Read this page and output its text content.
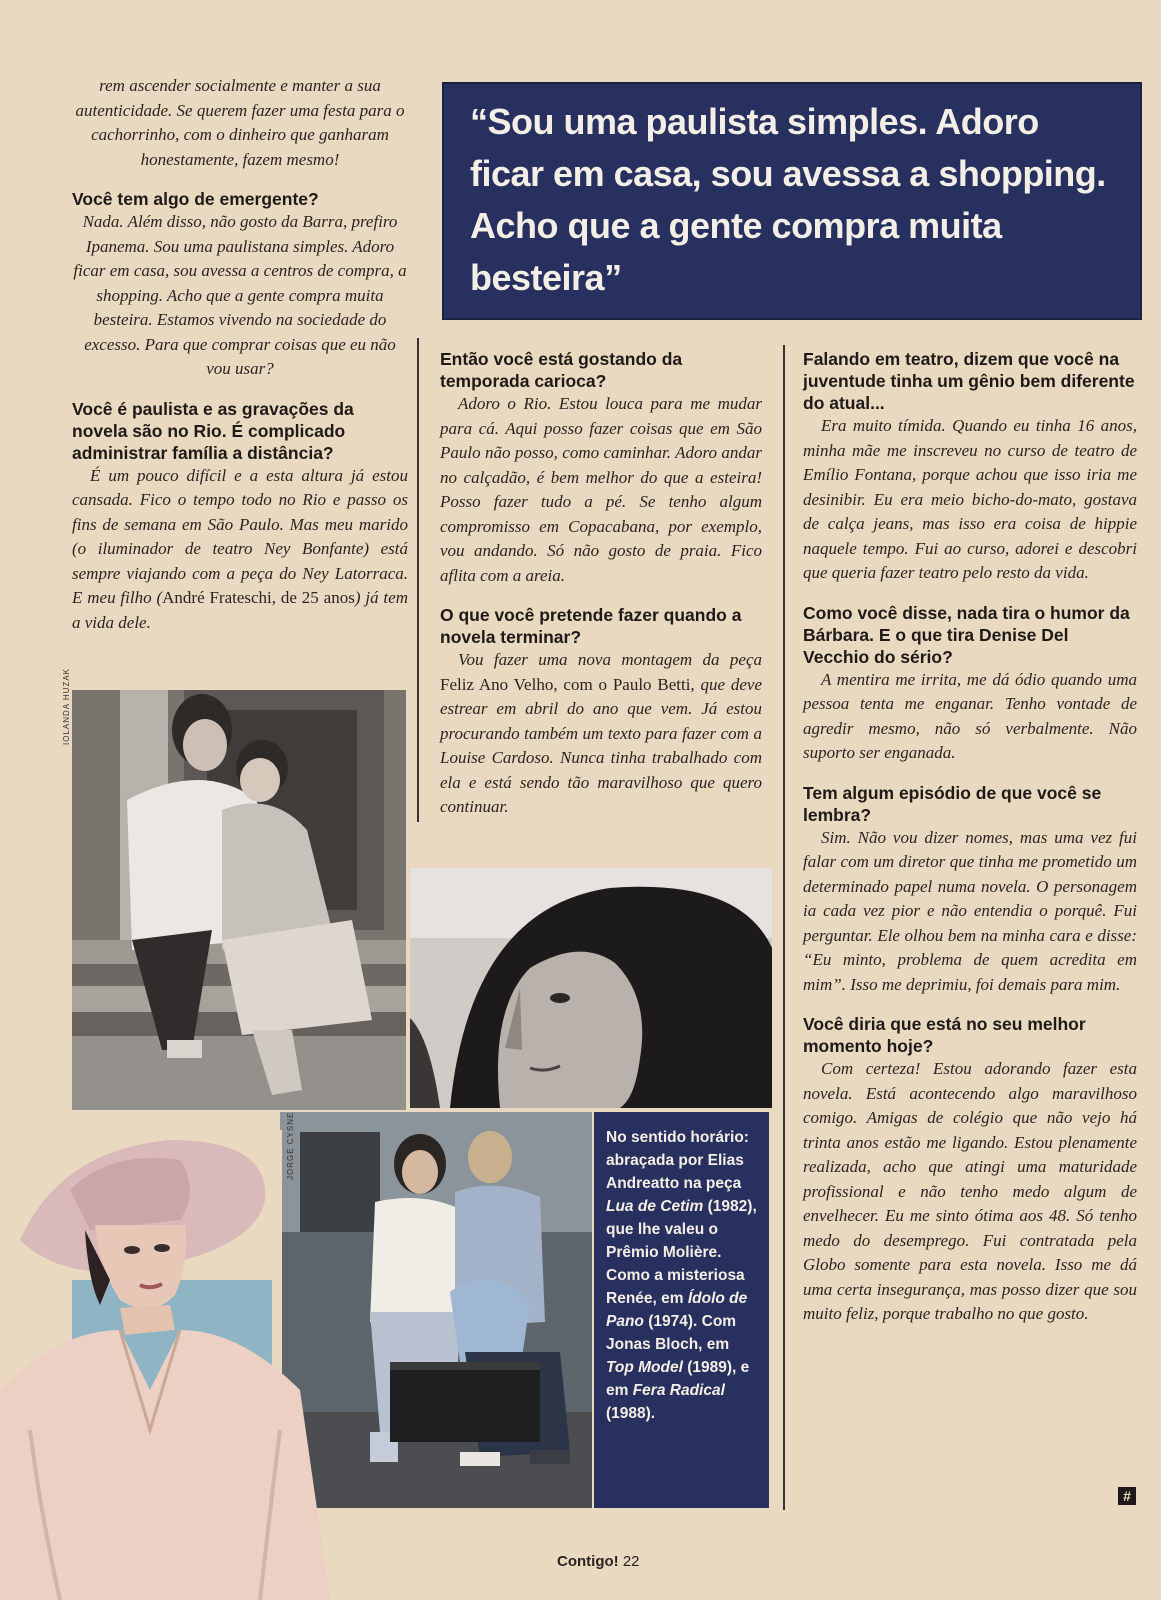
rem ascender socialmente e manter a sua autenticidade. Se querem fazer uma festa para o cachorrinho, com o dinheiro que ganharam honestamente, fazem mesmo!

Você tem algo de emergente?

Nada. Além disso, não gosto da Barra, prefiro Ipanema. Sou uma paulistana simples. Adoro ficar em casa, sou avessa a centros de compra, a shopping. Acho que a gente compra muita besteira. Estamos vivendo na sociedade do excesso. Para que comprar coisas que eu não vou usar?

Você é paulista e as gravações da novela são no Rio. É complicado administrar família a distância?

É um pouco difícil e a esta altura já estou cansada. Fico o tempo todo no Rio e passo os fins de semana em São Paulo. Mas meu marido (o iluminador de teatro Ney Bonfante) está sempre viajando com a peça do Ney Latorraca. E meu filho (André Frateschi, de 25 anos) já tem a vida dele.

“Sou uma paulista simples. Adoro ficar em casa, sou avessa a shopping. Acho que a gente compra muita besteira”

Então você está gostando da temporada carioca?

Adoro o Rio. Estou louca para me mudar para cá. Aqui posso fazer coisas que em São Paulo não posso, como caminhar. Adoro andar no calçadão, é bem melhor do que a esteira! Posso fazer tudo a pé. Se tenho algum compromisso em Copacabana, por exemplo, vou andando. Só não gosto de praia. Fico aflita com a areia.

O que você pretende fazer quando a novela terminar?

Vou fazer uma nova montagem da peça Feliz Ano Velho, com o Paulo Betti, que deve estrear em abril do ano que vem. Já estou procurando também um texto para fazer com a Louise Cardoso. Nunca tinha trabalhado com ela e está sendo tão maravilhoso que quero continuar.

Falando em teatro, dizem que você na juventude tinha um gênio bem diferente do atual...

Era muito tímida. Quando eu tinha 16 anos, minha mãe me inscreveu no curso de teatro de Emílio Fontana, porque achou que isso iria me desinibir. Eu era meio bicho-do-mato, gostava de calça jeans, mas isso era coisa de hippie naquele tempo. Fui ao curso, adorei e descobri que queria fazer teatro pelo resto da vida.

Como você disse, nada tira o humor da Bárbara. E o que tira Denise Del Vecchio do sério?

A mentira me irrita, me dá ódio quando uma pessoa tenta me enganar. Tenho vontade de agredir mesmo, não só verbalmente. Não suporto ser enganada.

Tem algum episódio de que você se lembra?

Sim. Não vou dizer nomes, mas uma vez fui falar com um diretor que tinha me prometido um determinado papel numa novela. O personagem ia cada vez pior e não entendia o porquê. Fui perguntar. Ele olhou bem na minha cara e disse: “Eu minto, problema de quem acredita em mim”. Isso me deprimiu, foi demais para mim.

Você diria que está no seu melhor momento hoje?

Com certeza! Estou adorando fazer esta novela. Está acontecendo algo maravilhoso comigo. Amigas de colégio que não vejo há trinta anos estão me ligando. Estou plenamente realizada, acho que atingi uma maturidade profissional e não tenho medo algum de envelhecer. Eu me sinto ótima aos 48. Só tenho medo do desemprego. Fui contratada pela Globo somente para esta novela. Isso me dá uma certa insegurança, mas posso dizer que sou muito feliz, porque trabalho no que gosto.

#
IOLANDA HUZAK
JORGE CYSNE	No sentido horário: abraçada por Elias Andreatto na peça Lua de Cetim (1982), que lhe valeu o Prêmio Molière. Como a misteriosa Renée, em Ídolo de Pano (1974). Com Jonas Bloch, em Top Model (1989), e em Fera Radical (1988).
Contigo! 22
